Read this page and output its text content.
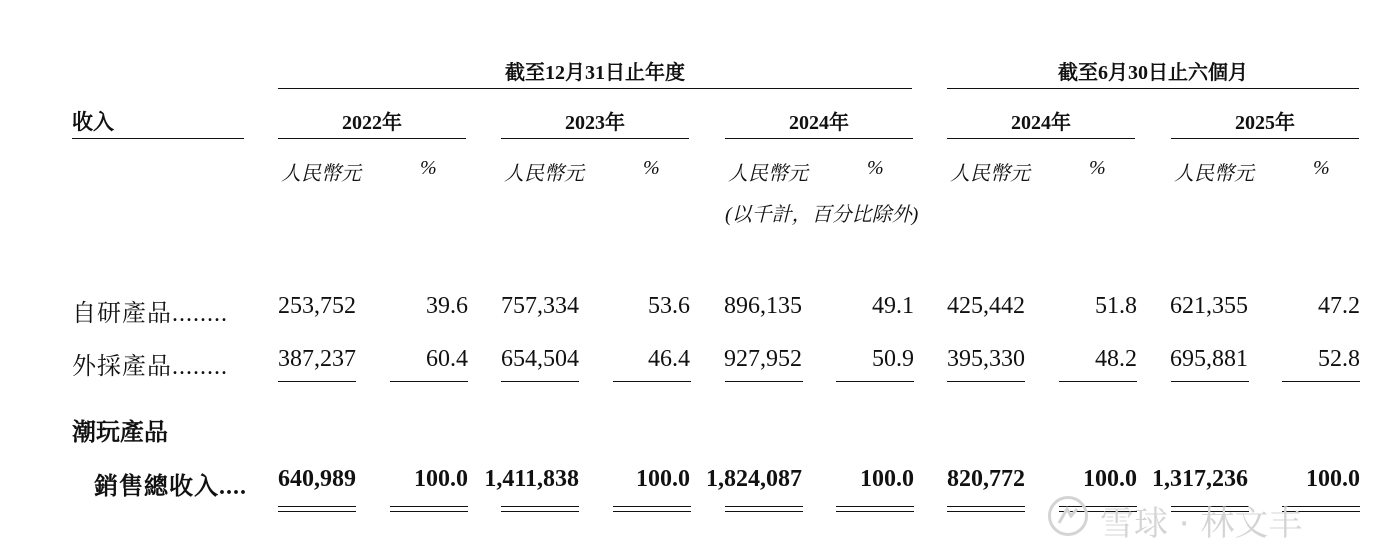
截至12月31日止年度	截至6月30日止六個月
收入	2022年	2023年	2024年	2024年	2025年
人民幣元	%	人民幣元	%	人民幣元	%	人民幣元	%	人民幣元	%
(以千計，百分比除外)
自研產品........ 253,752	39.6 757,334	53.6 896,135	49.1 425,442	51.8 621,355	47.2
外採產品........ 387,237	60.4 654,504	46.4 927,952	50.9 395,330	48.2 695,881	52.8
潮玩產品
銷售總收入.... 640,989 100.0 1,411,838 100.0 1,824,087 100.0 820,772 100.0 1,317,236 100.0
雪球 · 林文丰
